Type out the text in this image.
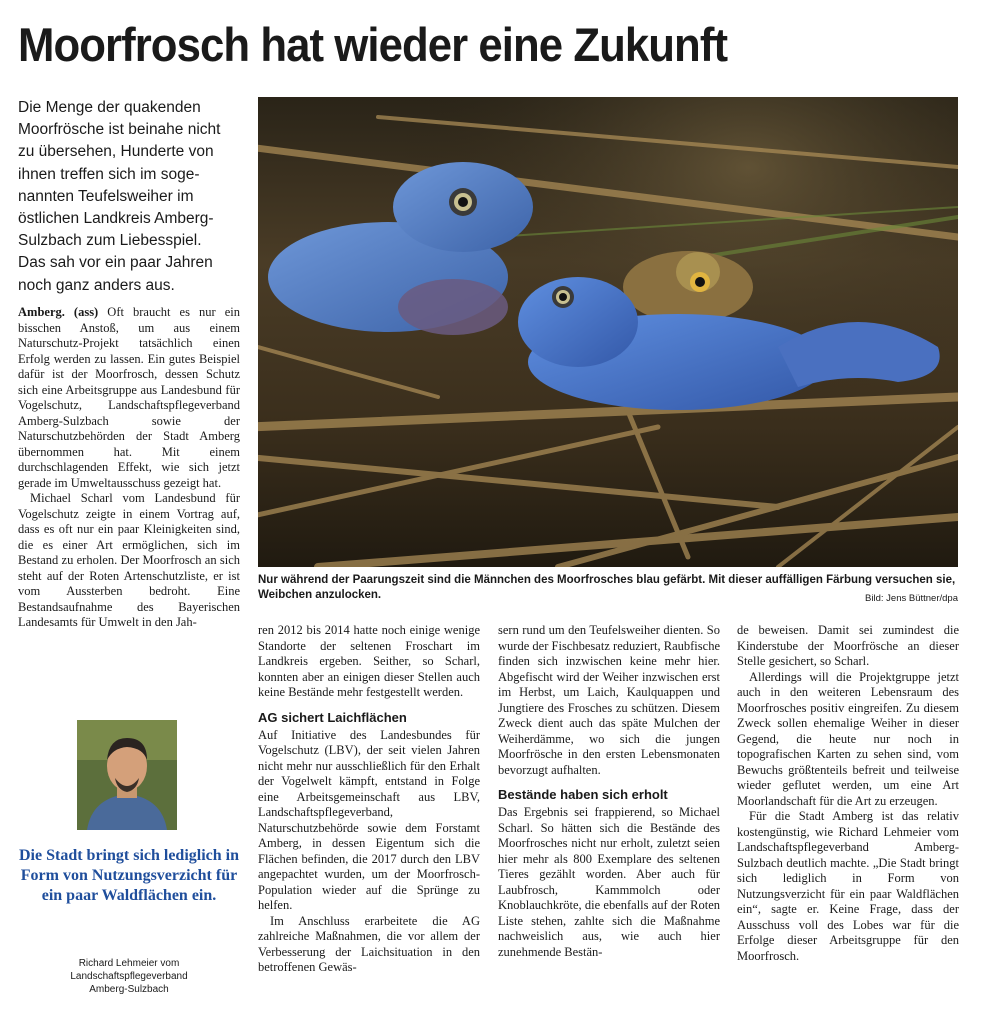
Moorfrosch hat wieder eine Zukunft
Die Menge der quakenden
Moorfrösche ist beinahe nicht
zu übersehen, Hunderte von
ihnen treffen sich im soge-
nannten Teufelsweiher im
östlichen Landkreis Amberg-
Sulzbach zum Liebesspiel.
Das sah vor ein paar Jahren
noch ganz anders aus.

Amberg. (ass) Oft braucht es nur ein bisschen Anstoß, um aus einem Naturschutz-Projekt tatsächlich einen Erfolg werden zu lassen. Ein gutes Beispiel dafür ist der Moorfrosch, dessen Schutz sich eine Arbeitsgruppe aus Landesbund für Vogelschutz, Landschaftspflegeverband Amberg-Sulzbach sowie der Naturschutzbehörden der Stadt Amberg übernommen hat. Mit einem durchschlagenden Effekt, wie sich jetzt gerade im Umweltausschuss gezeigt hat.

Michael Scharl vom Landesbund für Vogelschutz zeigte in einem Vortrag auf, dass es oft nur ein paar Kleinigkeiten sind, die es einer Art ermöglichen, sich im Bestand zu erholen. Der Moorfrosch an sich steht auf der Roten Artenschutzliste, er ist vom Aussterben bedroht. Eine Bestandsaufnahme des Bayerischen Landesamts für Umwelt in den Jah-

Nur während der Paarungszeit sind die Männchen des Moorfrosches blau gefärbt. Mit dieser auffälligen Färbung versuchen sie, Weibchen anzulocken.	Bild: Jens Büttner/dpa

ren 2012 bis 2014 hatte noch einige wenige Standorte der seltenen Froschart im Landkreis ergeben. Seither, so Scharl, konnten aber an einigen dieser Stellen auch keine Bestände mehr festgestellt werden.

AG sichert Laichflächen

Auf Initiative des Landesbundes für Vogelschutz (LBV), der seit vielen Jahren nicht mehr nur ausschließlich für den Erhalt der Vogelwelt kämpft, entstand in Folge eine Arbeitsgemeinschaft aus LBV, Landschaftspflegeverband, Naturschutzbehörde sowie dem Forstamt Amberg, in dessen Eigentum sich die Flächen befinden, die 2017 durch den LBV angepachtet wurden, um der Moorfrosch-Population wieder auf die Sprünge zu helfen.

Im Anschluss erarbeitete die AG zahlreiche Maßnahmen, die vor allem der Verbesserung der Laichsituation in den betroffenen Gewäs-

sern rund um den Teufelsweiher dienten. So wurde der Fischbesatz reduziert, Raubfische finden sich inzwischen keine mehr hier. Abgefischt wird der Weiher inzwischen erst im Herbst, um Laich, Kaulquappen und Jungtiere des Frosches zu schützen. Diesem Zweck dient auch das späte Mulchen der Weiherdämme, wo sich die jungen Moorfrösche in den ersten Lebensmonaten bevorzugt aufhalten.

Bestände haben sich erholt

Das Ergebnis sei frappierend, so Michael Scharl. So hätten sich die Bestände des Moorfrosches nicht nur erholt, zuletzt seien hier mehr als 800 Exemplare des seltenen Tieres gezählt worden. Aber auch für Laubfrosch, Kammmolch oder Knoblauchkröte, die ebenfalls auf der Roten Liste stehen, zahlte sich die Maßnahme nachweislich aus, wie auch hier zunehmende Bestän-

de beweisen. Damit sei zumindest die Kinderstube der Moorfrösche an dieser Stelle gesichert, so Scharl.

Allerdings will die Projektgruppe jetzt auch in den weiteren Lebensraum des Moorfrosches positiv eingreifen. Zu diesem Zweck sollen ehemalige Weiher in dieser Gegend, die heute nur noch in topografischen Karten zu sehen sind, vom Bewuchs größtenteils befreit und teilweise wieder geflutet werden, um eine Art Moorlandschaft für die Art zu erzeugen.

Für die Stadt Amberg ist das relativ kostengünstig, wie Richard Lehmeier vom Landschaftspflegeverband Amberg-Sulzbach deutlich machte. „Die Stadt bringt sich lediglich in Form von Nutzungsverzicht für ein paar Waldflächen ein“, sagte er. Keine Frage, dass der Ausschuss voll des Lobes war für die Erfolge dieser Arbeitsgruppe für den Moorfrosch.

Die Stadt bringt sich lediglich in Form von Nutzungsverzicht für ein paar Waldflächen ein.
Richard Lehmeier vom
Landschaftspflegeverband
Amberg-Sulzbach
